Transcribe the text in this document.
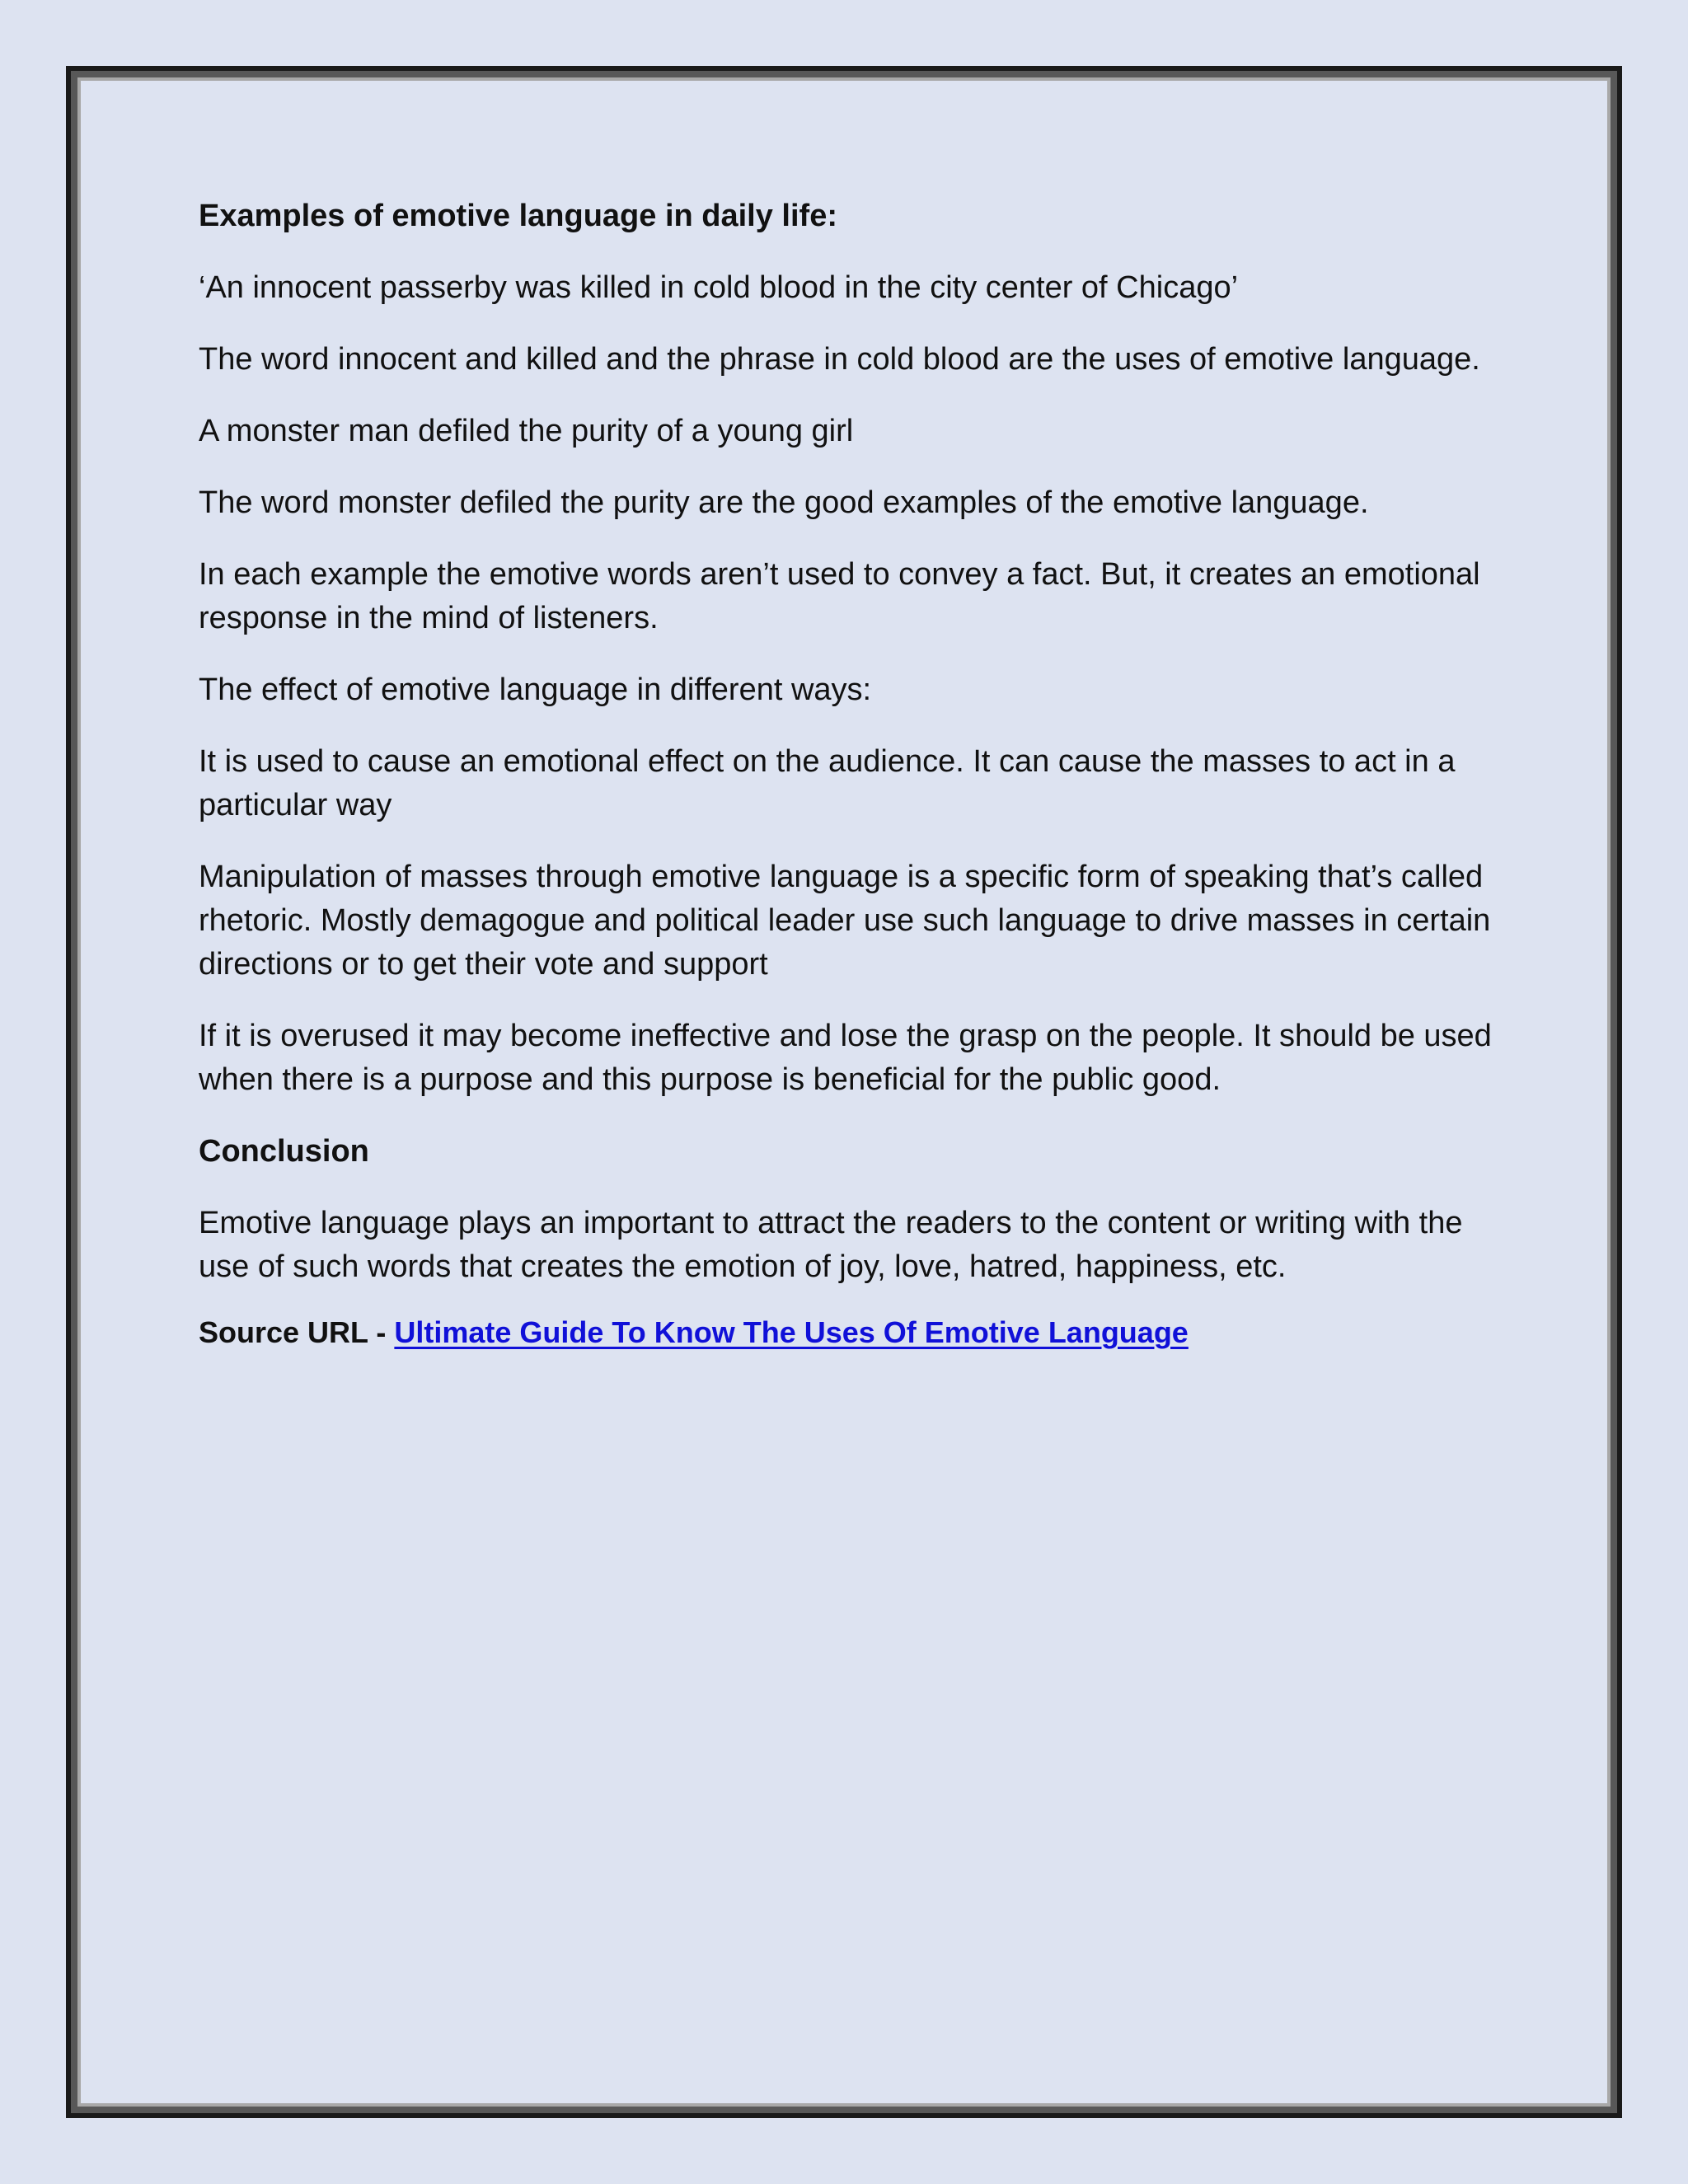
Examples of emotive language in daily life:

‘An innocent passerby was killed in cold blood in the city center of Chicago’

The word innocent and killed and the phrase in cold blood are the uses of emotive language.

A monster man defiled the purity of a young girl

The word monster defiled the purity are the good examples of the emotive language.

In each example the emotive words aren’t used to convey a fact. But, it creates an emotional response in the mind of listeners.

The effect of emotive language in different ways:

It is used to cause an emotional effect on the audience. It can cause the masses to act in a particular way

Manipulation of masses through emotive language is a specific form of speaking that’s called rhetoric. Mostly demagogue and political leader use such language to drive masses in certain directions or to get their vote and support

If it is overused it may become ineffective and lose the grasp on the people. It should be used when there is a purpose and this purpose is beneficial for the public good.

Conclusion

Emotive language plays an important to attract the readers to the content or writing with the use of such words that creates the emotion of joy, love, hatred, happiness, etc.

Source URL - Ultimate Guide To Know The Uses Of Emotive Language
